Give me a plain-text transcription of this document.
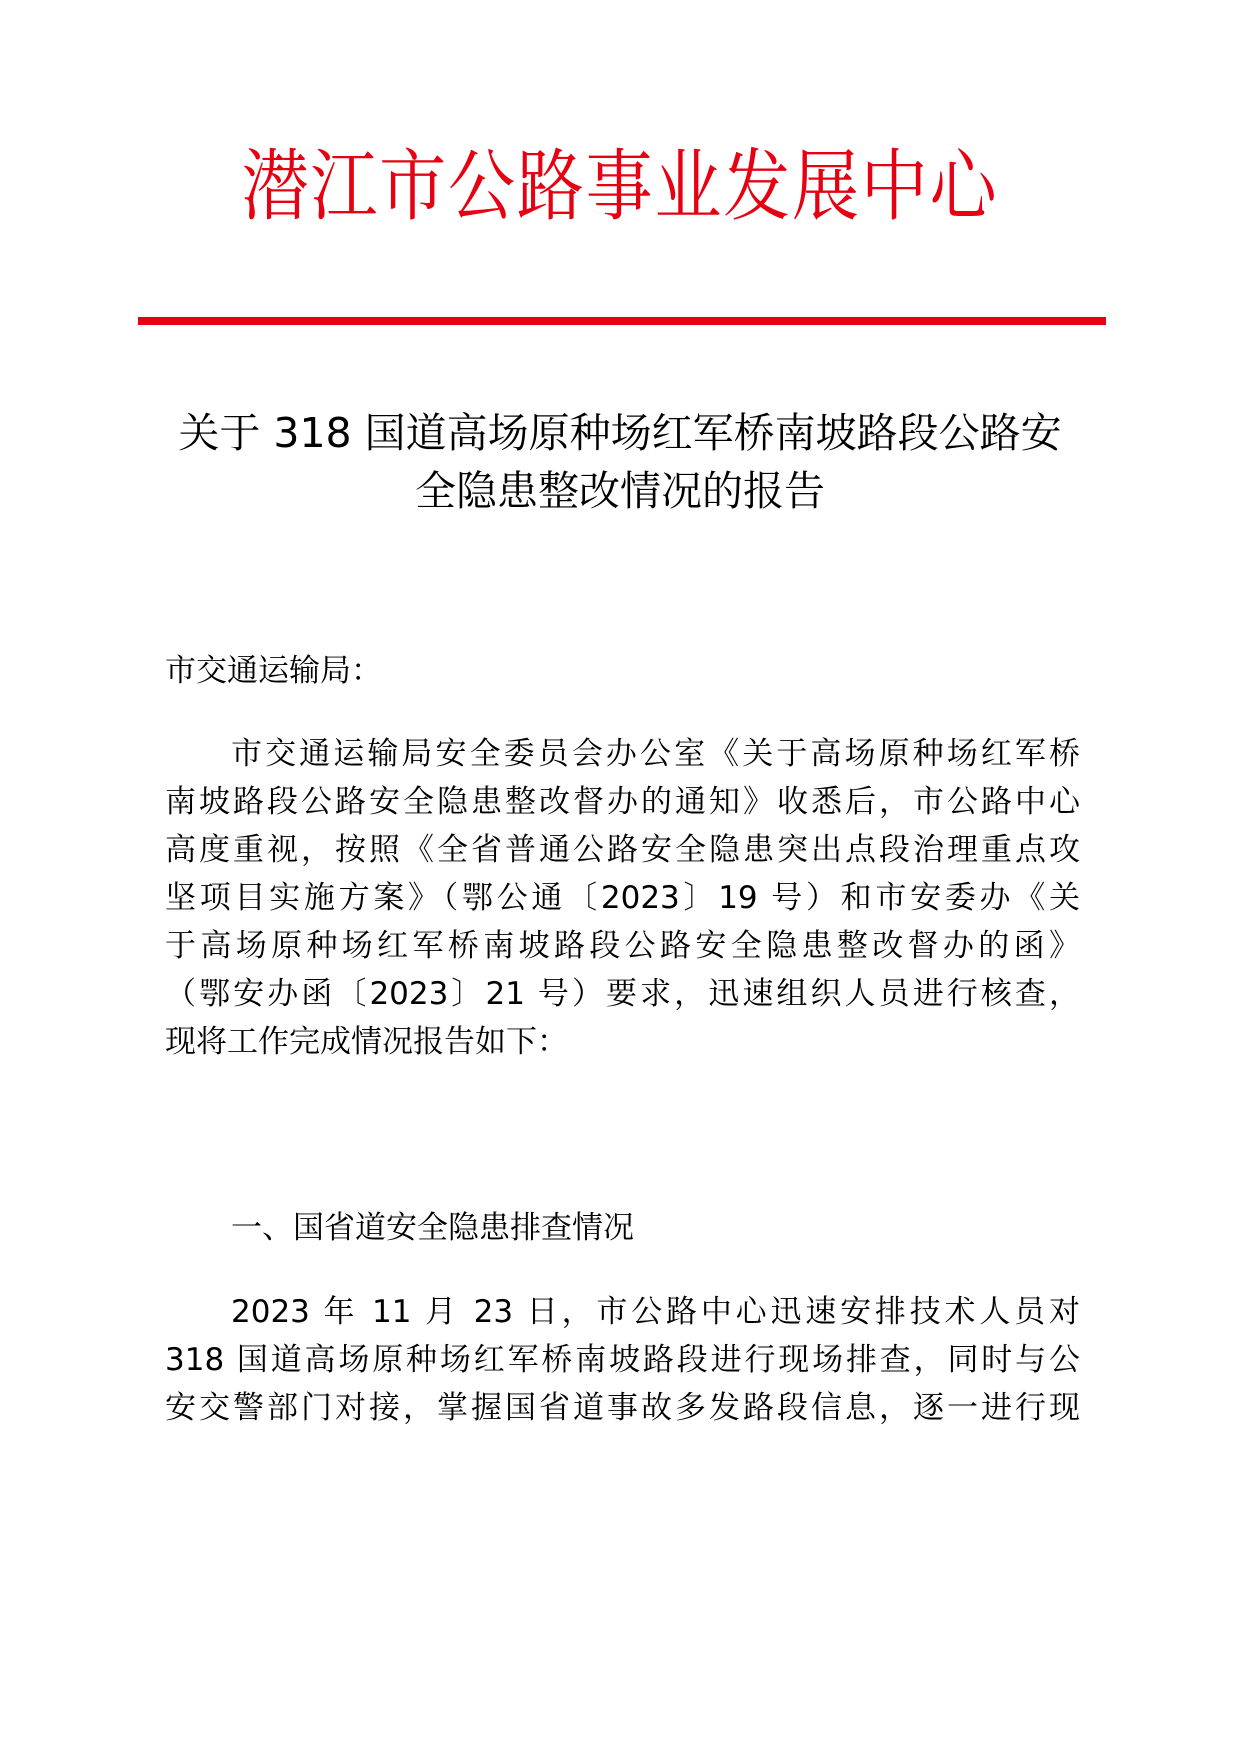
潜江市公路事业发展中心
关于 318 国道高场原种场红军桥南坡路段公路安
全隐患整改情况的报告

市交通运输局：

市交通运输局安全委员会办公室《关于高场原种场红军桥
南坡路段公路安全隐患整改督办的通知》收悉后，市公路中心
高度重视，按照《全省普通公路安全隐患突出点段治理重点攻
坚项目实施方案》（鄂公通〔2023〕19 号）和市安委办《关
于高场原种场红军桥南坡路段公路安全隐患整改督办的函》
（鄂安办函〔2023〕21 号）要求，迅速组织人员进行核查，
现将工作完成情况报告如下：

一、国省道安全隐患排查情况

2023 年 11 月 23 日，市公路中心迅速安排技术人员对
318 国道高场原种场红军桥南坡路段进行现场排查，同时与公
安交警部门对接，掌握国省道事故多发路段信息，逐一进行现
